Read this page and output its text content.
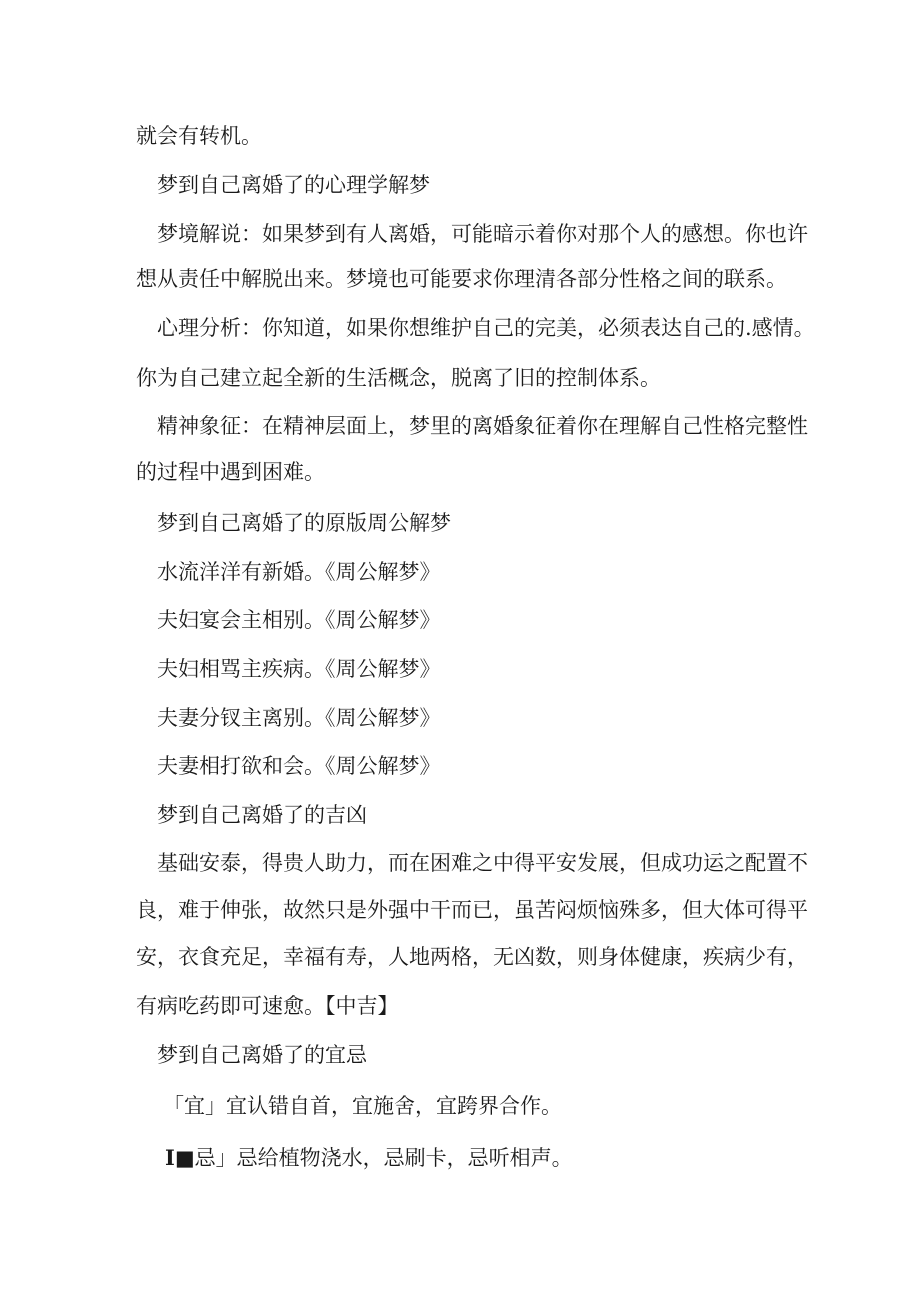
就会有转机。
梦到自己离婚了的心理学解梦
梦境解说：如果梦到有人离婚，可能暗示着你对那个人的感想。你也许
想从责任中解脱出来。梦境也可能要求你理清各部分性格之间的联系。
心理分析：你知道，如果你想维护自己的完美，必须表达自己的.感情。
你为自己建立起全新的生活概念，脱离了旧的控制体系。
精神象征：在精神层面上，梦里的离婚象征着你在理解自己性格完整性
的过程中遇到困难。
梦到自己离婚了的原版周公解梦
水流洋洋有新婚。《周公解梦》
夫妇宴会主相别。《周公解梦》
夫妇相骂主疾病。《周公解梦》
夫妻分钗主离别。《周公解梦》
夫妻相打欲和会。《周公解梦》
梦到自己离婚了的吉凶
基础安泰，得贵人助力，而在困难之中得平安发展，但成功运之配置不
良，难于伸张，故然只是外强中干而已，虽苦闷烦恼殊多，但大体可得平
安，衣食充足，幸福有寿，人地两格，无凶数，则身体健康，疾病少有，
有病吃药即可速愈。【中吉】
梦到自己离婚了的宜忌
「宜」宜认错自首，宜施舍，宜跨界合作。
I■忌」忌给植物浇水，忌刷卡，忌听相声。
